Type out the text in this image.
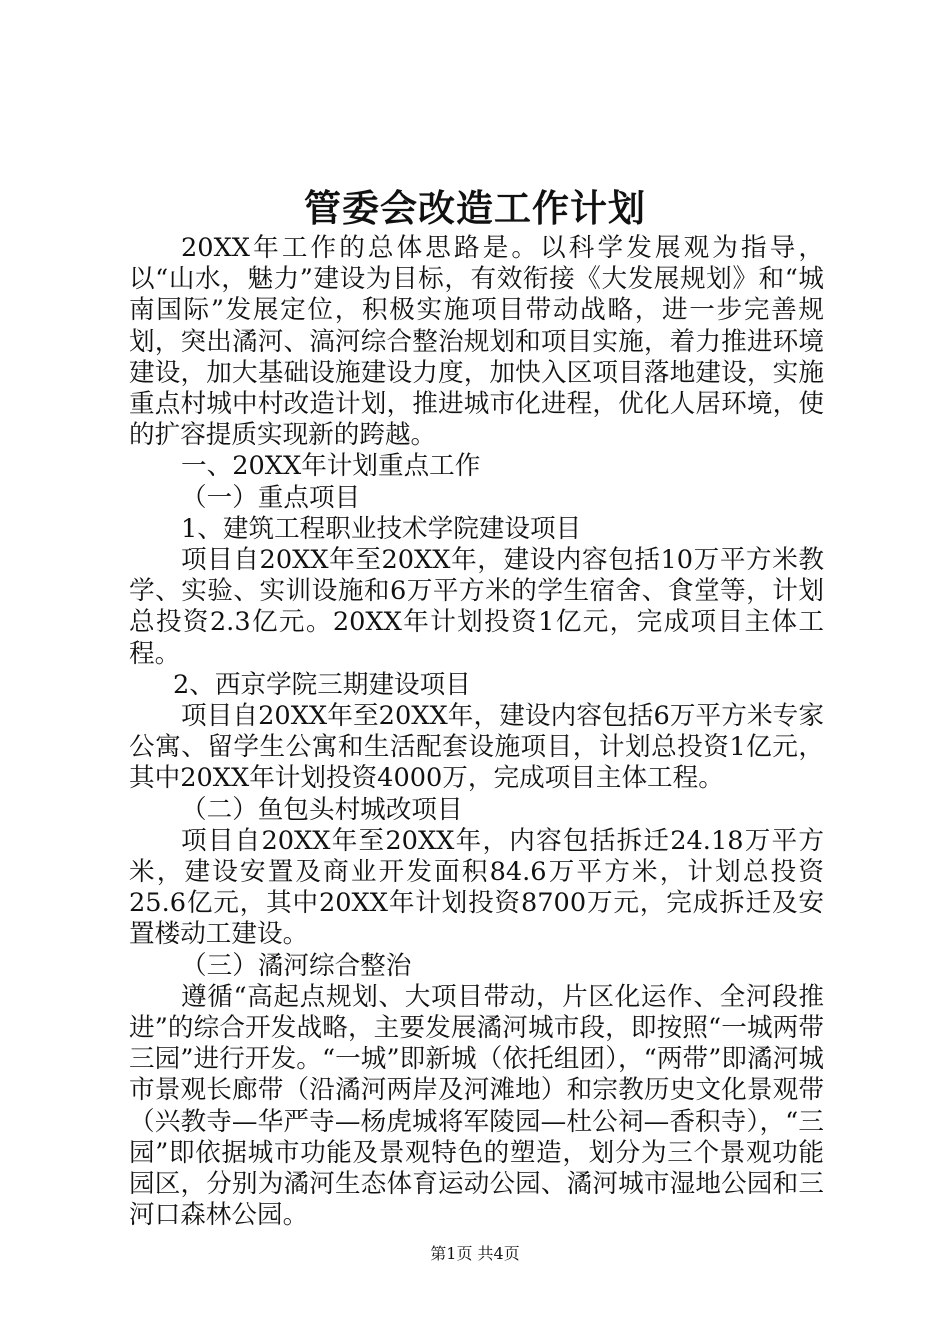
管委会改造工作计划

20XX年工作的总体思路是。以科学发展观为指导，以“山水，魅力”建设为目标，有效衔接《大发展规划》和“城南国际”发展定位，积极实施项目带动战略，进一步完善规划，突出潏河、滈河综合整治规划和项目实施，着力推进环境建设，加大基础设施建设力度，加快入区项目落地建设，实施重点村城中村改造计划，推进城市化进程，优化人居环境，使的扩容提质实现新的跨越。

一、20XX年计划重点工作

（一）重点项目

1、建筑工程职业技术学院建设项目

项目自20XX年至20XX年，建设内容包括10万平方米教学、实验、实训设施和6万平方米的学生宿舍、食堂等，计划总投资2.3亿元。20XX年计划投资1亿元，完成项目主体工程。

2、西京学院三期建设项目

项目自20XX年至20XX年，建设内容包括6万平方米专家公寓、留学生公寓和生活配套设施项目，计划总投资1亿元，其中20XX年计划投资4000万，完成项目主体工程。

（二）鱼包头村城改项目

项目自20XX年至20XX年，内容包括拆迁24.18万平方米，建设安置及商业开发面积84.6万平方米，计划总投资25.6亿元，其中20XX年计划投资8700万元，完成拆迁及安置楼动工建设。

（三）潏河综合整治

遵循“高起点规划、大项目带动，片区化运作、全河段推进”的综合开发战略，主要发展潏河城市段，即按照“一城两带三园”进行开发。“一城”即新城（依托组团），“两带”即潏河城市景观长廊带（沿潏河两岸及河滩地）和宗教历史文化景观带（兴教寺—华严寺—杨虎城将军陵园—杜公祠—香积寺），“三园”即依据城市功能及景观特色的塑造，划分为三个景观功能园区，分别为潏河生态体育运动公园、潏河城市湿地公园和三河口森林公园。

第1页 共4页
